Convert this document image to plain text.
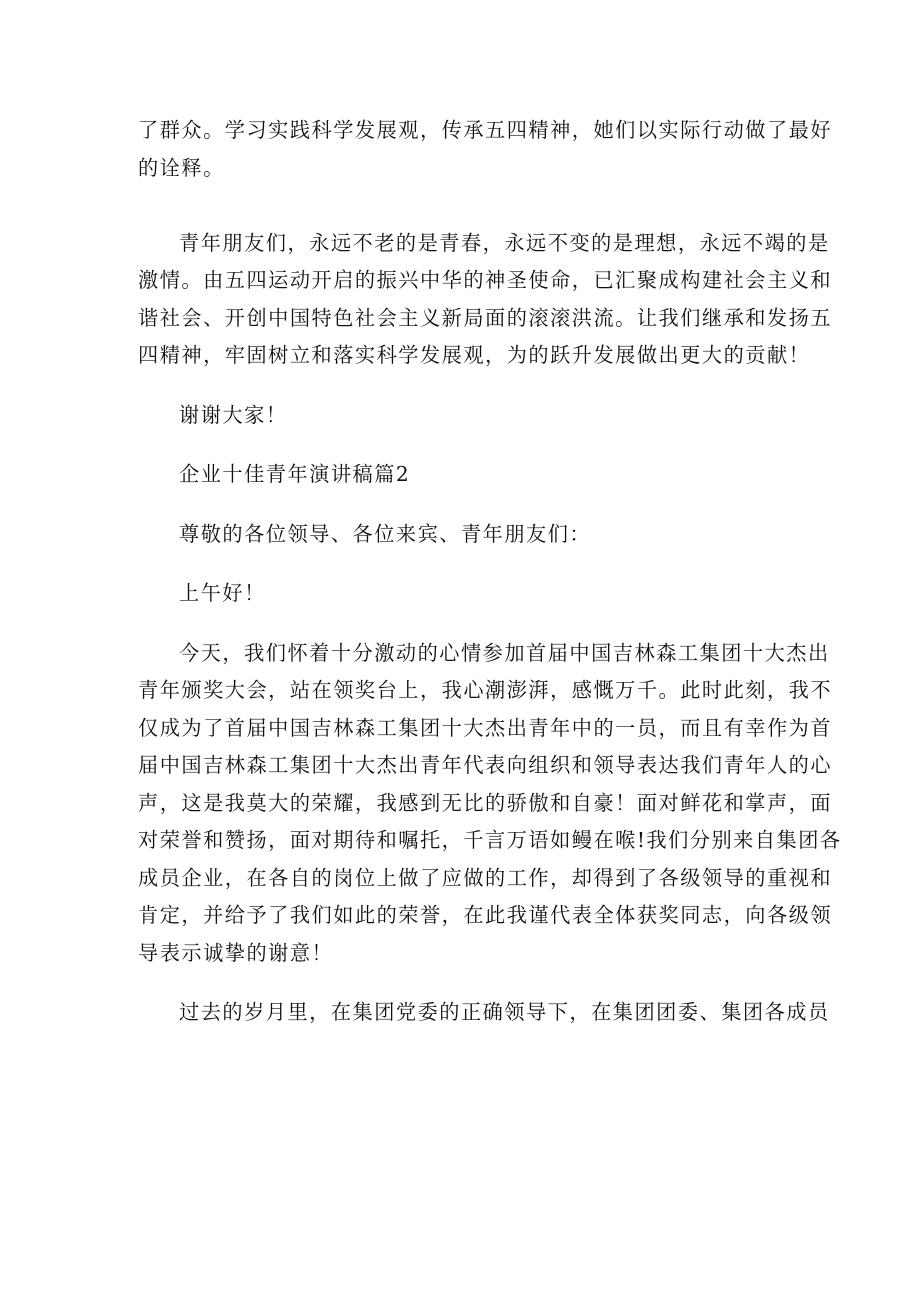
了群众。学习实践科学发展观，传承五四精神，她们以实际行动做了最好
的诠释。

青年朋友们，永远不老的是青春，永远不变的是理想，永远不竭的是
激情。由五四运动开启的振兴中华的神圣使命，已汇聚成构建社会主义和
谐社会、开创中国特色社会主义新局面的滚滚洪流。让我们继承和发扬五
四精神，牢固树立和落实科学发展观，为的跃升发展做出更大的贡献！

谢谢大家！

企业十佳青年演讲稿篇2

尊敬的各位领导、各位来宾、青年朋友们：

上午好！

今天，我们怀着十分激动的心情参加首届中国吉林森工集团十大杰出
青年颁奖大会，站在领奖台上，我心潮澎湃，感慨万千。此时此刻，我不
仅成为了首届中国吉林森工集团十大杰出青年中的一员，而且有幸作为首
届中国吉林森工集团十大杰出青年代表向组织和领导表达我们青年人的心
声，这是我莫大的荣耀，我感到无比的骄傲和自豪！面对鲜花和掌声，面
对荣誉和赞扬，面对期待和嘱托，千言万语如鳗在喉!我们分别来自集团各
成员企业，在各自的岗位上做了应做的工作，却得到了各级领导的重视和
肯定，并给予了我们如此的荣誉，在此我谨代表全体获奖同志，向各级领
导表示诚挚的谢意！

过去的岁月里，在集团党委的正确领导下，在集团团委、集团各成员
